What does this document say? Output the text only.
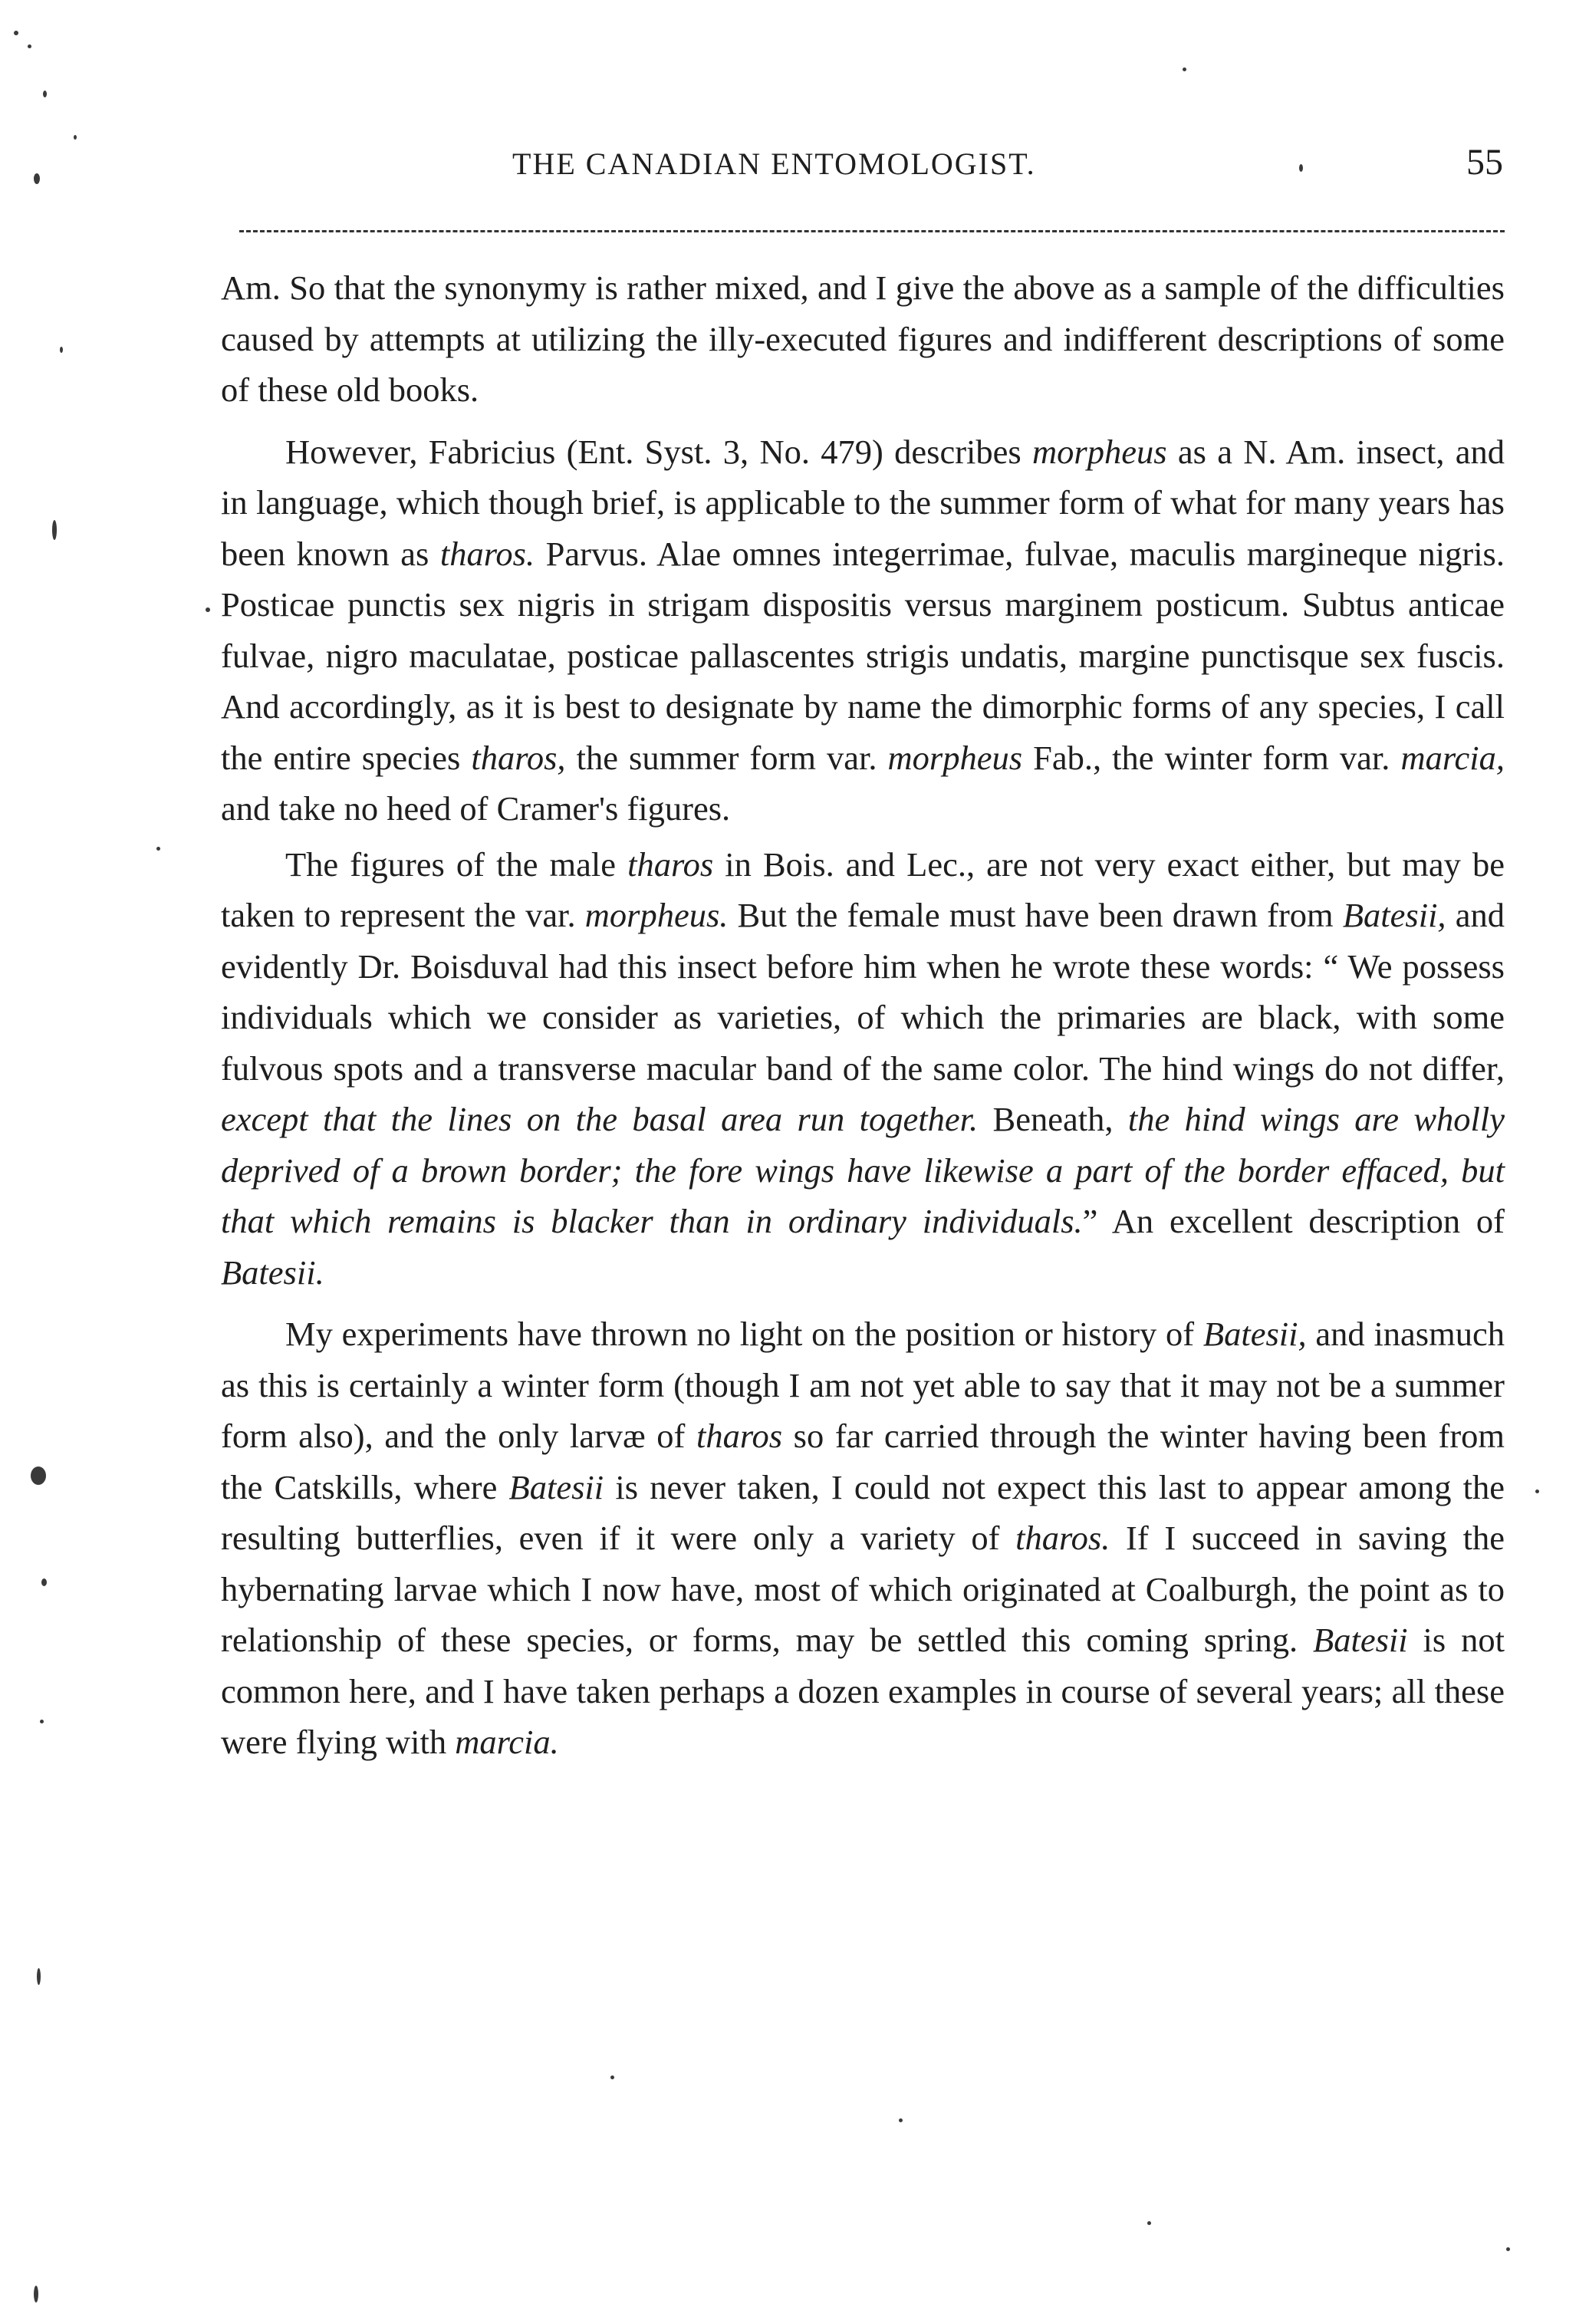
THE CANADIAN ENTOMOLOGIST.	55

Am. So that the synonymy is rather mixed, and I give the above as a sample of the difficulties caused by attempts at utilizing the illy-executed figures and indifferent descriptions of some of these old books.

However, Fabricius (Ent. Syst. 3, No. 479) describes morpheus as a N. Am. insect, and in language, which though brief, is applicable to the summer form of what for many years has been known as tharos. Parvus. Alae omnes integerrimae, fulvae, maculis margineque nigris. Posticae punctis sex nigris in strigam dispositis versus marginem posticum. Subtus anticae fulvae, nigro maculatae, posticae pallascentes strigis undatis, margine punctisque sex fuscis. And accordingly, as it is best to designate by name the dimorphic forms of any species, I call the entire species tharos, the summer form var. morpheus Fab., the winter form var. marcia, and take no heed of Cramer's figures.

The figures of the male tharos in Bois. and Lec., are not very exact either, but may be taken to represent the var. morpheus. But the female must have been drawn from Batesii, and evidently Dr. Boisduval had this insect before him when he wrote these words: “ We possess individuals which we consider as varieties, of which the primaries are black, with some fulvous spots and a transverse macular band of the same color. The hind wings do not differ, except that the lines on the basal area run together. Beneath, the hind wings are wholly deprived of a brown border; the fore wings have likewise a part of the border effaced, but that which remains is blacker than in ordinary individuals.” An excellent description of Batesii.

My experiments have thrown no light on the position or history of Batesii, and inasmuch as this is certainly a winter form (though I am not yet able to say that it may not be a summer form also), and the only larvæ of tharos so far carried through the winter having been from the Catskills, where Batesii is never taken, I could not expect this last to appear among the resulting butterflies, even if it were only a variety of tharos. If I succeed in saving the hybernating larvae which I now have, most of which originated at Coalburgh, the point as to relationship of these species, or forms, may be settled this coming spring. Batesii is not common here, and I have taken perhaps a dozen examples in course of several years; all these were flying with marcia.
